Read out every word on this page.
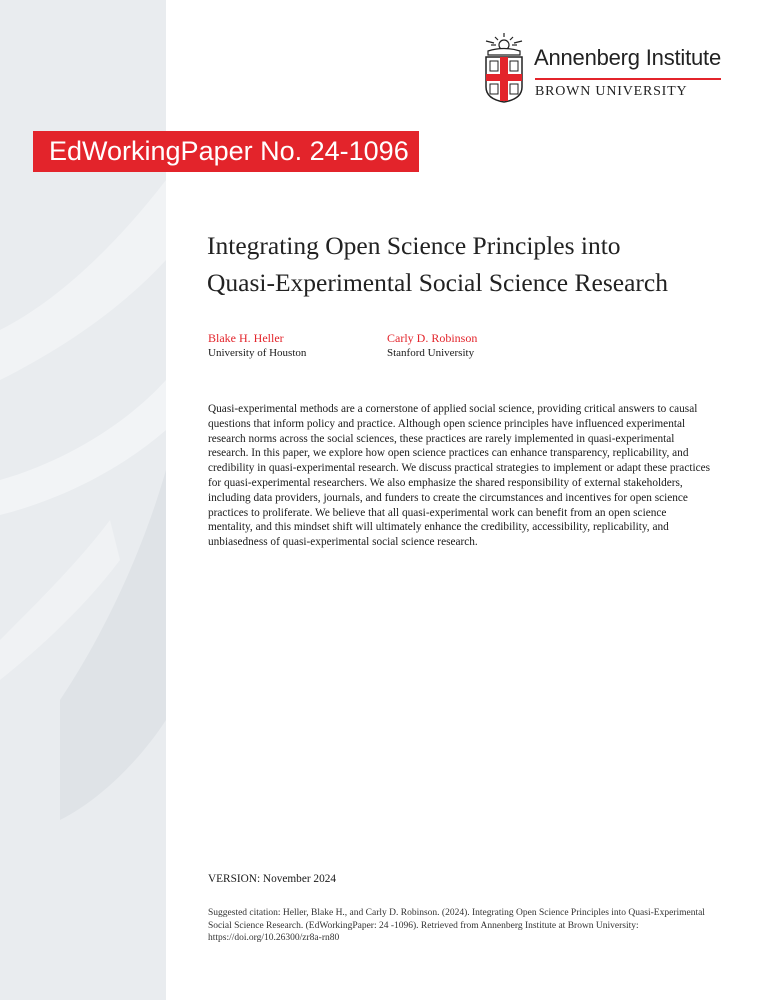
Annenberg Institute
BROWN UNIVERSITY
EdWorkingPaper No. 24-1096
Integrating Open Science Principles into
Quasi-Experimental Social Science Research
Blake H. Heller
University of Houston
Carly D. Robinson
Stanford University
Quasi-experimental methods are a cornerstone of applied social science, providing critical answers to causal
questions that inform policy and practice. Although open science principles have influenced experimental
research norms across the social sciences, these practices are rarely implemented in quasi-experimental
research. In this paper, we explore how open science practices can enhance transparency, replicability, and
credibility in quasi-experimental research. We discuss practical strategies to implement or adapt these practices
for quasi-experimental researchers. We also emphasize the shared responsibility of external stakeholders,
including data providers, journals, and funders to create the circumstances and incentives for open science
practices to proliferate. We believe that all quasi-experimental work can benefit from an open science
mentality, and this mindset shift will ultimately enhance the credibility, accessibility, replicability, and
unbiasedness of quasi-experimental social science research.
VERSION: November 2024
Suggested citation: Heller, Blake H., and Carly D. Robinson. (2024). Integrating Open Science Principles into Quasi-Experimental
Social Science Research. (EdWorkingPaper: 24 -1096). Retrieved from Annenberg Institute at Brown University:
https://doi.org/10.26300/zr8a-rn80
